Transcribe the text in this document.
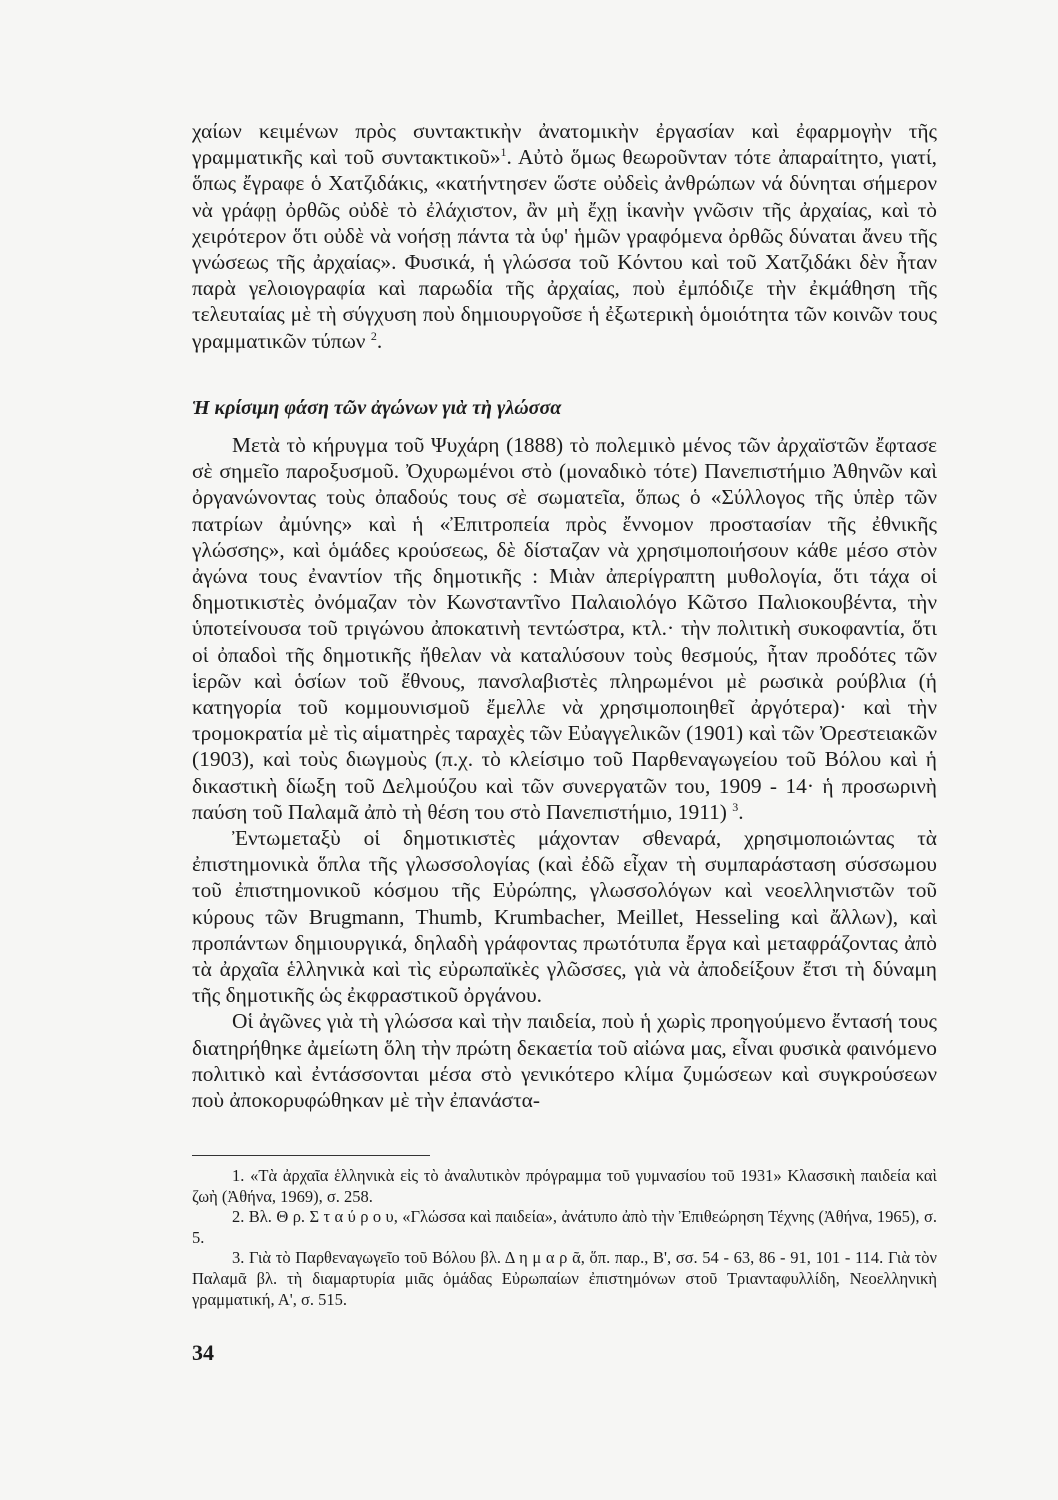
χαίων κειμένων πρὸς συντακτικὴν ἀνατομικὴν ἐργασίαν καὶ ἐφαρμογὴν τῆς γραμματικῆς καὶ τοῦ συντακτικοῦ»$^1$. Αὐτὸ ὅμως θεωροῦνταν τότε ἀπαραίτητο, γιατί, ὅπως ἔγραφε ὁ Χατζιδάκις, «κατήντησεν ὥστε οὐδεὶς ἀνθρώπων νά δύνηται σήμερον νὰ γράφῃ ὀρθῶς οὐδὲ τὸ ἐλάχιστον, ἂν μὴ ἔχῃ ἱκανὴν γνῶσιν τῆς ἀρχαίας, καὶ τὸ χειρότερον ὅτι οὐδὲ νὰ νοήσῃ πάντα τὰ ὑφ' ἡμῶν γραφόμενα ὀρθῶς δύναται ἄνευ τῆς γνώσεως τῆς ἀρχαίας». Φυσικά, ἡ γλώσσα τοῦ Κόντου καὶ τοῦ Χατζιδάκι δὲν ἦταν παρὰ γελοιογραφία καὶ παρωδία τῆς ἀρχαίας, ποὺ ἐμπόδιζε τὴν ἐκμάθηση τῆς τελευταίας μὲ τὴ σύγχυση ποὺ δημιουργοῦσε ἡ ἐξωτερικὴ ὁμοιότητα τῶν κοινῶν τους γραμματικῶν τύπων $^2$.

Ἡ κρίσιμη φάση τῶν ἀγώνων γιὰ τὴ γλώσσα

Μετὰ τὸ κήρυγμα τοῦ Ψυχάρη (1888) τὸ πολεμικὸ μένος τῶν ἀρχαϊστῶν ἔφτασε σὲ σημεῖο παροξυσμοῦ. Ὀχυρωμένοι στὸ (μοναδικὸ τότε) Πανεπιστήμιο Ἀθηνῶν καὶ ὀργανώνοντας τοὺς ὀπαδούς τους σὲ σωματεῖα, ὅπως ὁ «Σύλλογος τῆς ὑπὲρ τῶν πατρίων ἀμύνης» καὶ ἡ «Ἐπιτροπεία πρὸς ἔννομον προστασίαν τῆς ἐθνικῆς γλώσσης», καὶ ὁμάδες κρούσεως, δὲ δίσταζαν νὰ χρησιμοποιήσουν κάθε μέσο στὸν ἀγώνα τους ἐναντίον τῆς δημοτικῆς : Μιὰν ἀπερίγραπτη μυθολογία, ὅτι τάχα οἱ δημοτικιστὲς ὀνόμαζαν τὸν Κωνσταντῖνο Παλαιολόγο Κῶτσο Παλιοκουβέντα, τὴν ὑποτείνουσα τοῦ τριγώνου ἀποκατινὴ τεντώστρα, κτλ.· τὴν πολιτικὴ συκοφαντία, ὅτι οἱ ὀπαδοὶ τῆς δημοτικῆς ἤθελαν νὰ καταλύσουν τοὺς θεσμούς, ἦταν προδότες τῶν ἱερῶν καὶ ὁσίων τοῦ ἔθνους, πανσλαβιστὲς πληρωμένοι μὲ ρωσικὰ ρούβλια (ἡ κατηγορία τοῦ κομμουνισμοῦ ἔμελλε νὰ χρησιμοποιηθεῖ ἀργότερα)· καὶ τὴν τρομοκρατία μὲ τὶς αἱματηρὲς ταραχὲς τῶν Εὐαγγελικῶν (1901) καὶ τῶν Ὀρεστειακῶν (1903), καὶ τοὺς διωγμοὺς (π.χ. τὸ κλείσιμο τοῦ Παρθεναγωγείου τοῦ Βόλου καὶ ἡ δικαστικὴ δίωξη τοῦ Δελμούζου καὶ τῶν συνεργατῶν του, 1909 - 14· ἡ προσωρινὴ παύση τοῦ Παλαμᾶ ἀπὸ τὴ θέση του στὸ Πανεπιστήμιο, 1911) $^3$.

Ἐντωμεταξὺ οἱ δημοτικιστὲς μάχονταν σθεναρά, χρησιμοποιώντας τὰ ἐπιστημονικὰ ὅπλα τῆς γλωσσολογίας (καὶ ἐδῶ εἶχαν τὴ συμπαράσταση σύσσωμου τοῦ ἐπιστημονικοῦ κόσμου τῆς Εὐρώπης, γλωσσολόγων καὶ νεοελληνιστῶν τοῦ κύρους τῶν Brugmann, Thumb, Krumbacher, Meillet, Hesseling καὶ ἄλλων), καὶ προπάντων δημιουργικά, δηλαδὴ γράφοντας πρωτότυπα ἔργα καὶ μεταφράζοντας ἀπὸ τὰ ἀρχαῖα ἑλληνικὰ καὶ τὶς εὐρωπαϊκὲς γλῶσσες, γιὰ νὰ ἀποδείξουν ἔτσι τὴ δύναμη τῆς δημοτικῆς ὡς ἐκφραστικοῦ ὀργάνου.

Οἱ ἀγῶνες γιὰ τὴ γλώσσα καὶ τὴν παιδεία, ποὺ ἡ χωρὶς προηγούμενο ἔντασή τους διατηρήθηκε ἀμείωτη ὅλη τὴν πρώτη δεκαετία τοῦ αἰώνα μας, εἶναι φυσικὰ φαινόμενο πολιτικὸ καὶ ἐντάσσονται μέσα στὸ γενικότερο κλίμα ζυμώσεων καὶ συγκρούσεων ποὺ ἀποκορυφώθηκαν μὲ τὴν ἐπανάστα-

1. «Τὰ ἀρχαῖα ἑλληνικὰ εἰς τὸ ἀναλυτικὸν πρόγραμμα τοῦ γυμνασίου τοῦ 1931» Κλασσικὴ παιδεία καὶ ζωὴ (Ἀθήνα, 1969), σ. 258.

2. Βλ. Θ ρ. Σ τ α ύ ρ ο υ, «Γλώσσα καὶ παιδεία», ἀνάτυπο ἀπὸ τὴν Ἐπιθεώρηση Τέχνης (Ἀθήνα, 1965), σ. 5.

3. Γιὰ τὸ Παρθεναγωγεῖο τοῦ Βόλου βλ. Δ η μ α ρ ᾶ, ὅπ. παρ., Β', σσ. 54 - 63, 86 - 91, 101 - 114. Γιὰ τὸν Παλαμᾶ βλ. τὴ διαμαρτυρία μιᾶς ὁμάδας Εὐρωπαίων ἐπιστημόνων στοῦ Τριανταφυλλίδη, Νεοελληνικὴ γραμματική, Α', σ. 515.

34
